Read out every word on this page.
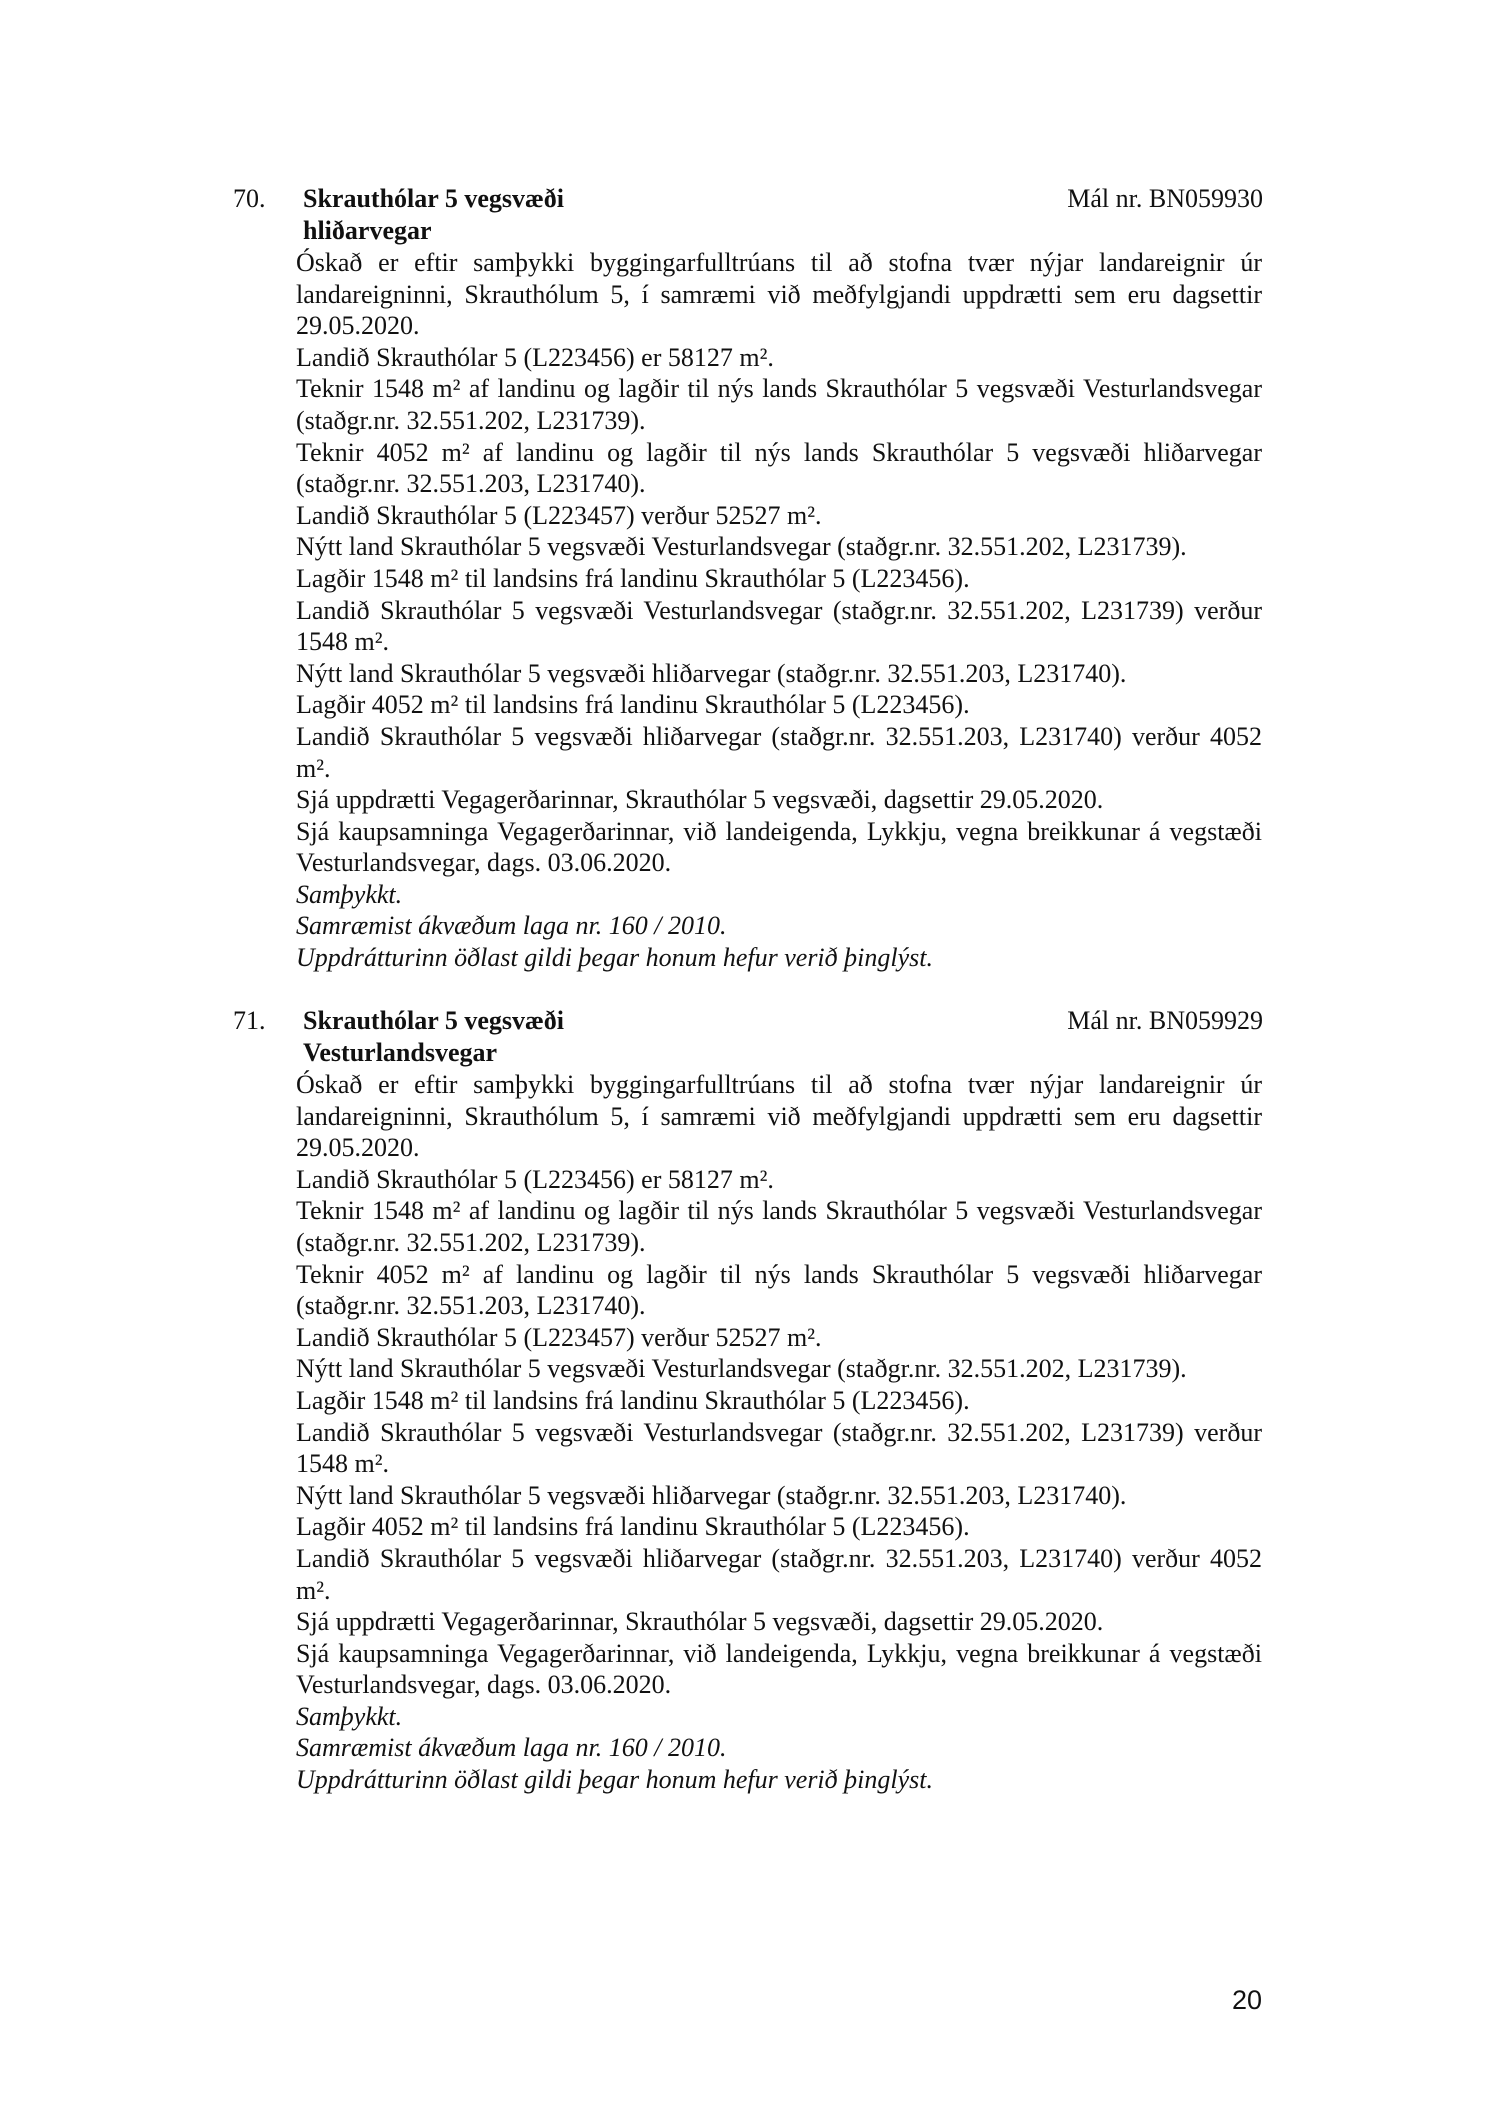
70. Skrauthólar 5 vegsvæði
hliðarvegar
Mál nr. BN059930

Óskað er eftir samþykki byggingarfulltrúans til að stofna tvær nýjar landareignir úr landareigninni, Skrauthólum 5, í samræmi við meðfylgjandi uppdrætti sem eru dagsettir 29.05.2020.

Landið Skrauthólar 5 (L223456) er 58127 m².

Teknir 1548 m² af landinu og lagðir til nýs lands Skrauthólar 5 vegsvæði Vesturlandsvegar (staðgr.nr. 32.551.202, L231739).

Teknir 4052 m² af landinu og lagðir til nýs lands Skrauthólar 5 vegsvæði hliðarvegar (staðgr.nr. 32.551.203, L231740).

Landið Skrauthólar 5 (L223457) verður 52527 m².

Nýtt land Skrauthólar 5 vegsvæði Vesturlandsvegar (staðgr.nr. 32.551.202, L231739).

Lagðir 1548 m² til landsins frá landinu Skrauthólar 5 (L223456).

Landið Skrauthólar 5 vegsvæði Vesturlandsvegar (staðgr.nr. 32.551.202, L231739) verður 1548 m².

Nýtt land Skrauthólar 5 vegsvæði hliðarvegar (staðgr.nr. 32.551.203, L231740).

Lagðir 4052 m² til landsins frá landinu Skrauthólar 5 (L223456).

Landið Skrauthólar 5 vegsvæði hliðarvegar (staðgr.nr. 32.551.203, L231740) verður 4052 m².

Sjá uppdrætti Vegagerðarinnar, Skrauthólar 5 vegsvæði, dagsettir 29.05.2020.

Sjá kaupsamninga Vegagerðarinnar, við landeigenda, Lykkju, vegna breikkunar á vegstæði Vesturlandsvegar, dags. 03.06.2020.

Samþykkt.

Samræmist ákvæðum laga nr. 160 / 2010.

Uppdrátturinn öðlast gildi þegar honum hefur verið þinglýst.

71. Skrauthólar 5 vegsvæði
Vesturlandsvegar
Mál nr. BN059929

Óskað er eftir samþykki byggingarfulltrúans til að stofna tvær nýjar landareignir úr landareigninni, Skrauthólum 5, í samræmi við meðfylgjandi uppdrætti sem eru dagsettir 29.05.2020.

Landið Skrauthólar 5 (L223456) er 58127 m².

Teknir 1548 m² af landinu og lagðir til nýs lands Skrauthólar 5 vegsvæði Vesturlandsvegar (staðgr.nr. 32.551.202, L231739).

Teknir 4052 m² af landinu og lagðir til nýs lands Skrauthólar 5 vegsvæði hliðarvegar (staðgr.nr. 32.551.203, L231740).

Landið Skrauthólar 5 (L223457) verður 52527 m².

Nýtt land Skrauthólar 5 vegsvæði Vesturlandsvegar (staðgr.nr. 32.551.202, L231739).

Lagðir 1548 m² til landsins frá landinu Skrauthólar 5 (L223456).

Landið Skrauthólar 5 vegsvæði Vesturlandsvegar (staðgr.nr. 32.551.202, L231739) verður 1548 m².

Nýtt land Skrauthólar 5 vegsvæði hliðarvegar (staðgr.nr. 32.551.203, L231740).

Lagðir 4052 m² til landsins frá landinu Skrauthólar 5 (L223456).

Landið Skrauthólar 5 vegsvæði hliðarvegar (staðgr.nr. 32.551.203, L231740) verður 4052 m².

Sjá uppdrætti Vegagerðarinnar, Skrauthólar 5 vegsvæði, dagsettir 29.05.2020.

Sjá kaupsamninga Vegagerðarinnar, við landeigenda, Lykkju, vegna breikkunar á vegstæði Vesturlandsvegar, dags. 03.06.2020.

Samþykkt.

Samræmist ákvæðum laga nr. 160 / 2010.

Uppdrátturinn öðlast gildi þegar honum hefur verið þinglýst.

20
